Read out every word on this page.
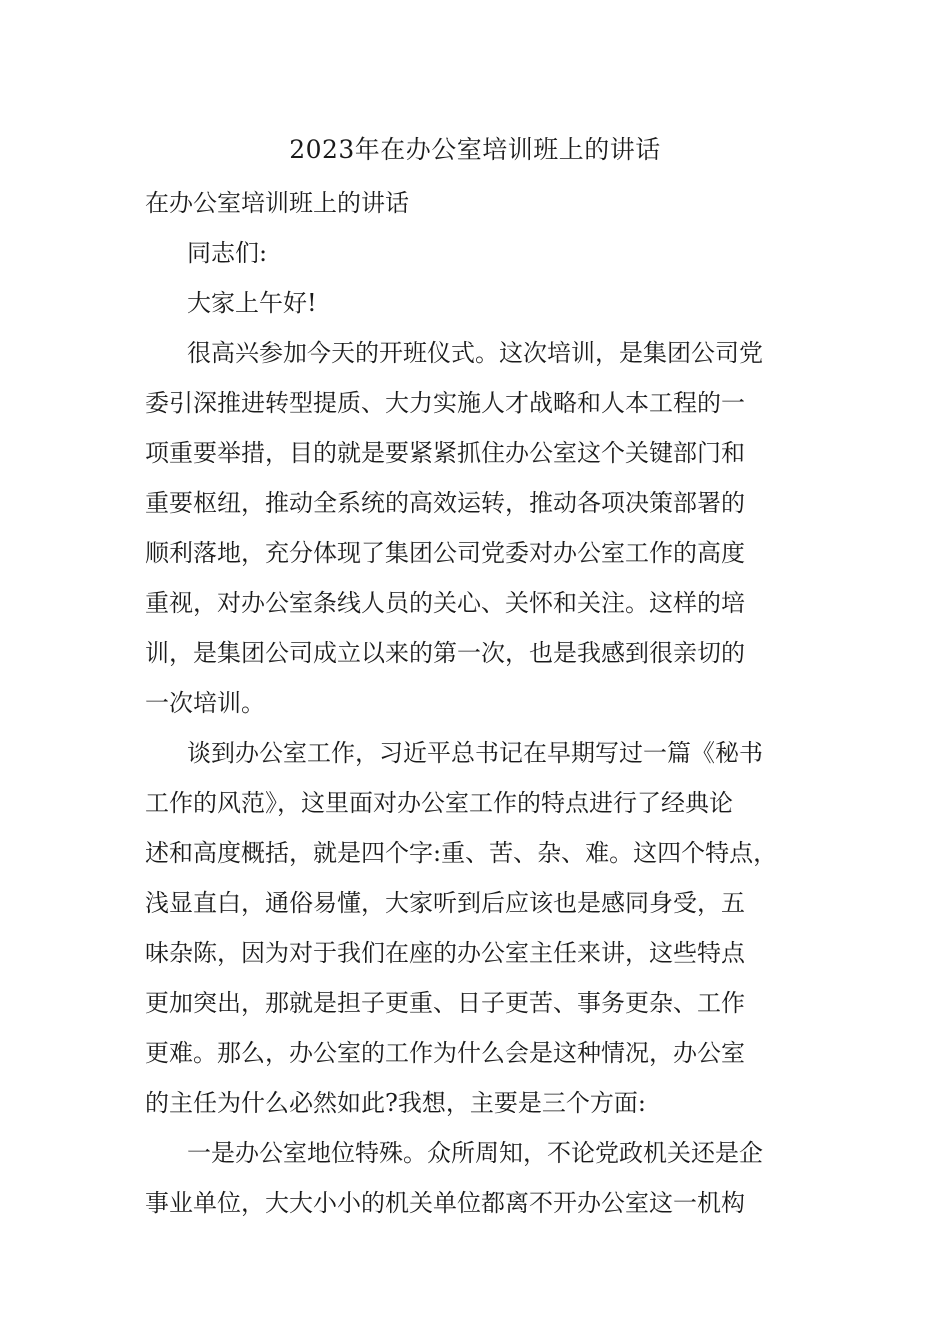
2023年在办公室培训班上的讲话

在办公室培训班上的讲话

同志们:

大家上午好!

很高兴参加今天的开班仪式。这次培训，是集团公司党

委引深推进转型提质、大力实施人才战略和人本工程的一

项重要举措，目的就是要紧紧抓住办公室这个关键部门和

重要枢纽，推动全系统的高效运转，推动各项决策部署的

顺利落地，充分体现了集团公司党委对办公室工作的高度

重视，对办公室条线人员的关心、关怀和关注。这样的培

训，是集团公司成立以来的第一次，也是我感到很亲切的

一次培训。

谈到办公室工作，习近平总书记在早期写过一篇《秘书

工作的风范》，这里面对办公室工作的特点进行了经典论

述和高度概括，就是四个字:重、苦、杂、难。这四个特点，

浅显直白，通俗易懂，大家听到后应该也是感同身受，五

味杂陈，因为对于我们在座的办公室主任来讲，这些特点

更加突出，那就是担子更重、日子更苦、事务更杂、工作

更难。那么，办公室的工作为什么会是这种情况，办公室

的主任为什么必然如此?我想，主要是三个方面:

一是办公室地位特殊。众所周知，不论党政机关还是企

事业单位，大大小小的机关单位都离不开办公室这一机构
